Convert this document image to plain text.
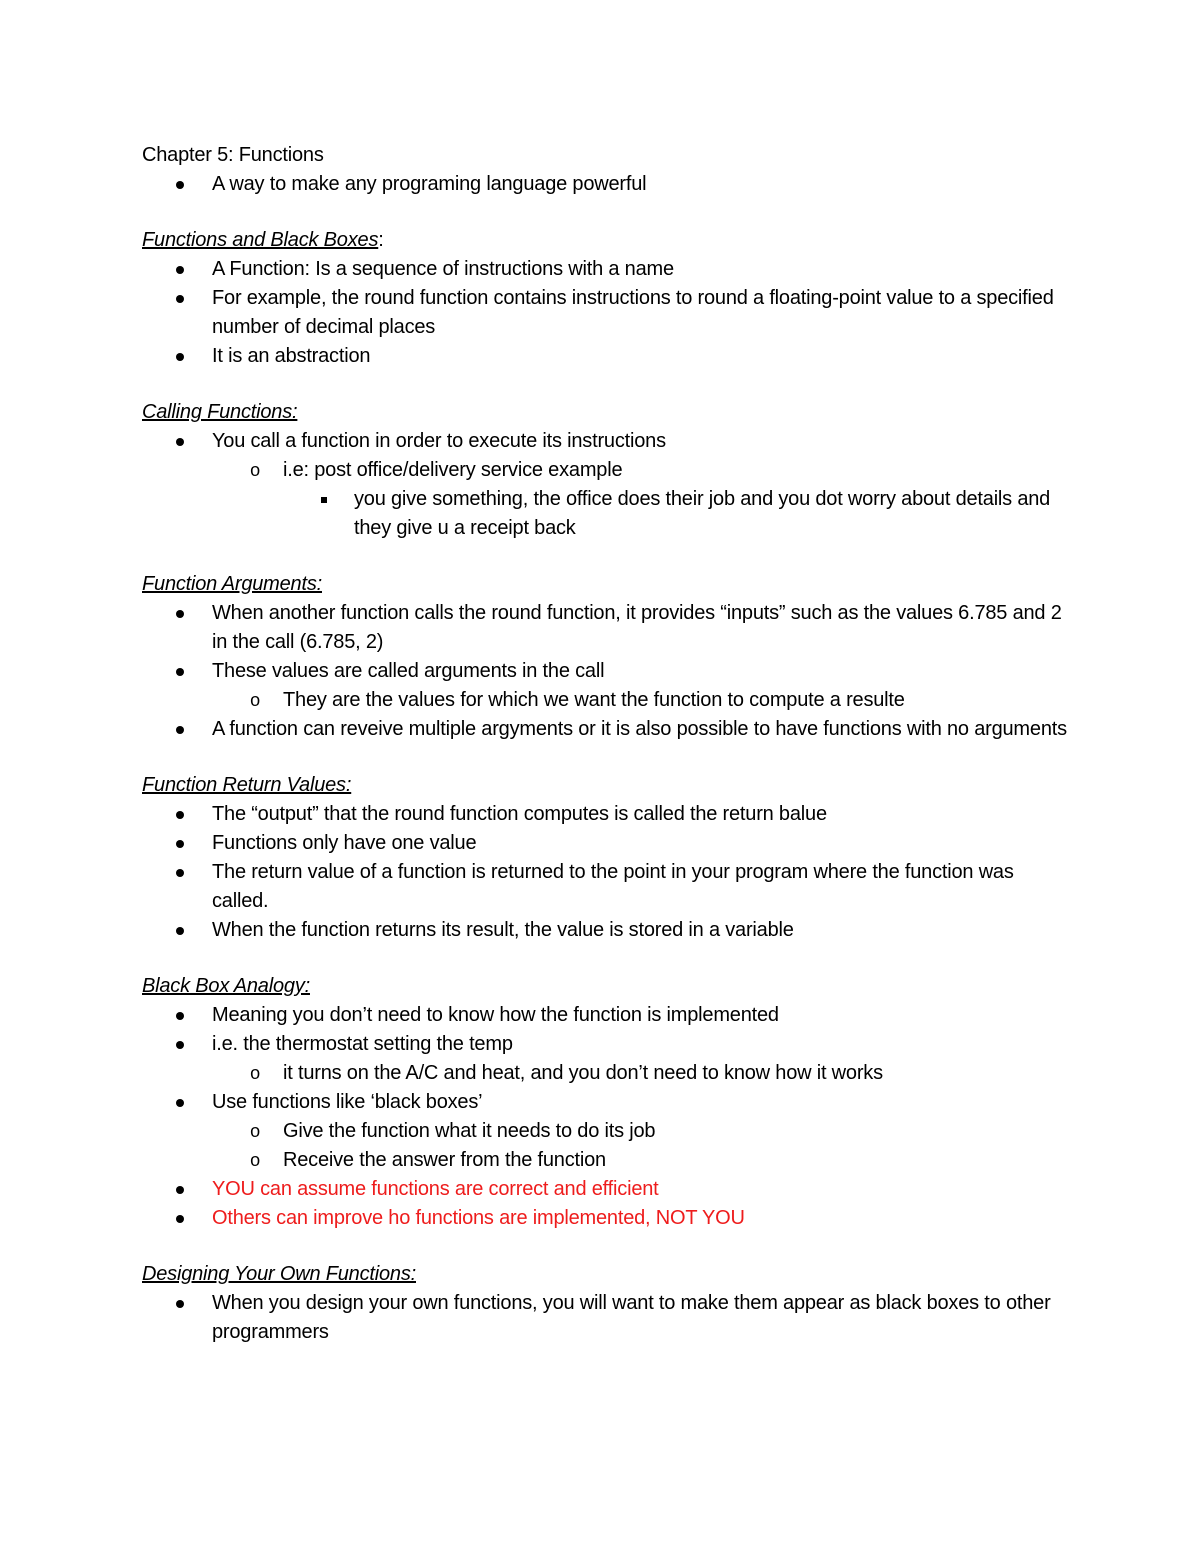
Chapter 5: Functions
A way to make any programing language powerful
Functions and Black Boxes:
A Function: Is a sequence of instructions with a name
For example, the round function contains instructions to round a floating-point value to a specified number of decimal places
It is an abstraction
Calling Functions:
You call a function in order to execute its instructions
o i.e: post office/delivery service example
you give something, the office does their job and you dot worry about details and they give u a receipt back
Function Arguments:
When another function calls the round function, it provides “inputs” such as the values 6.785 and 2 in the call (6.785, 2)
These values are called arguments in the call
o They are the values for which we want the function to compute a resulte
A function can reveive multiple argyments or it is also possible to have functions with no arguments
Function Return Values:
The “output” that the round function computes is called the return balue
Functions only have one value
The return value of a function is returned to the point in your program where the function was called.
When the function returns its result, the value is stored in a variable
Black Box Analogy:
Meaning you don’t need to know how the function is implemented
i.e. the thermostat setting the temp
o it turns on the A/C and heat, and you don’t need to know how it works
Use functions like ‘black boxes’
o Give the function what it needs to do its job
o Receive the answer from the function
YOU can assume functions are correct and efficient
Others can improve ho functions are implemented, NOT YOU
Designing Your Own Functions:
When you design your own functions, you will want to make them appear as black boxes to other programmers
